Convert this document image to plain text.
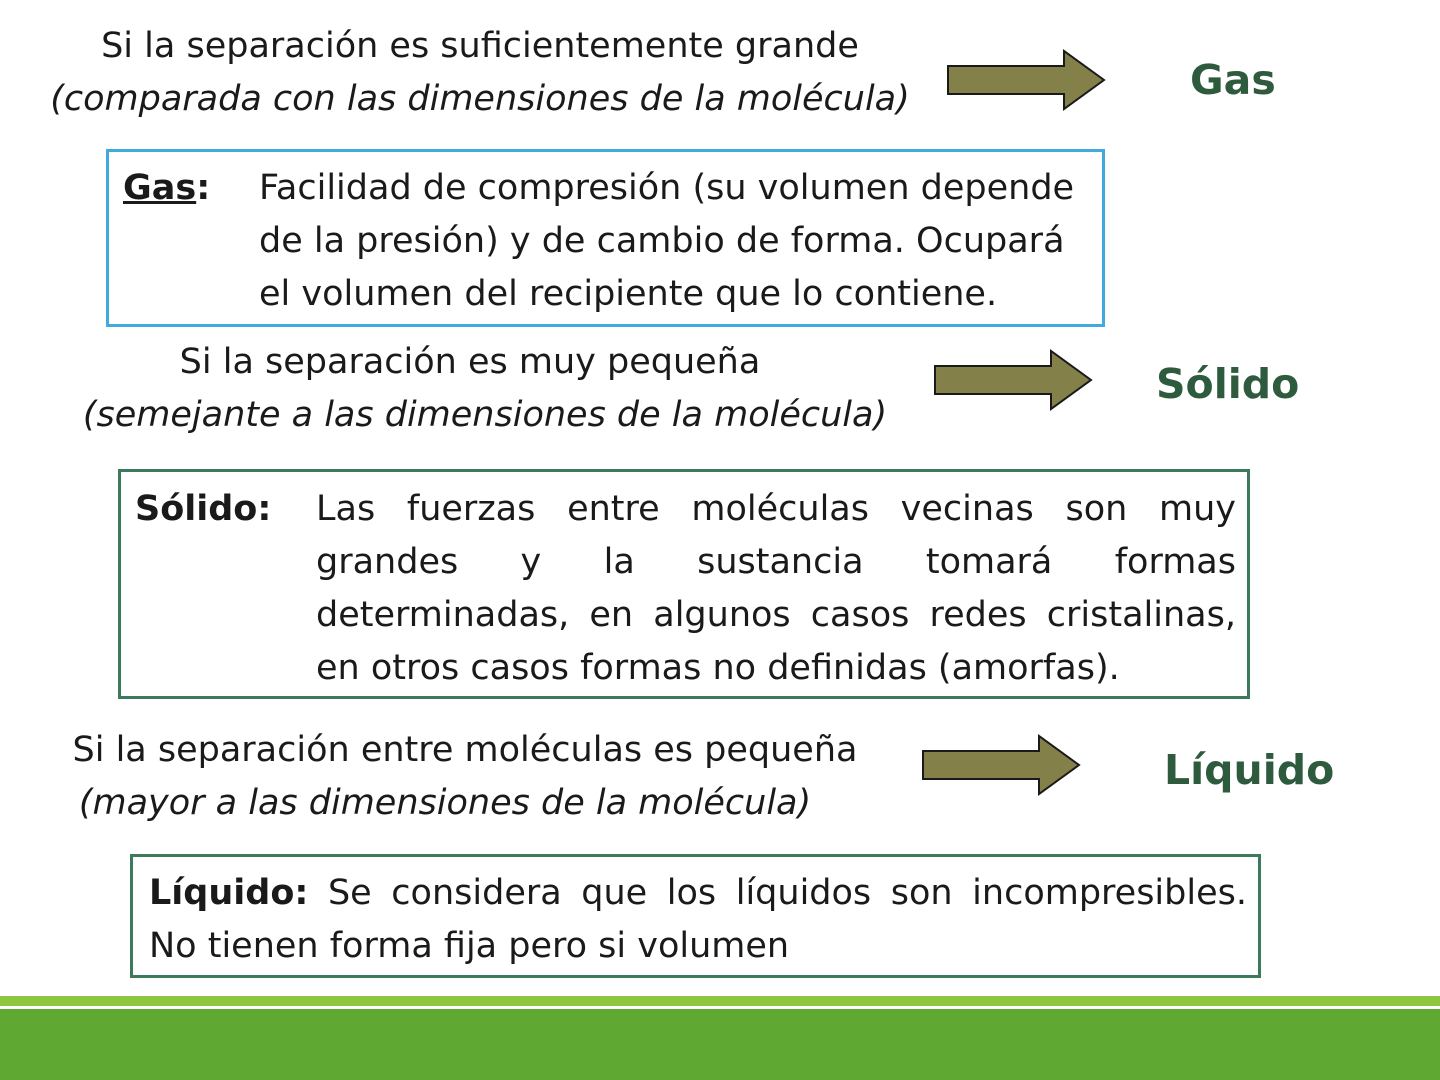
Si la separación es suficientemente grande
(comparada con las dimensiones de la molécula)	Gas
Gas: Facilidad de compresión (su volumen depende
de la presión) y de cambio de forma. Ocupará
el volumen del recipiente que lo contiene.
Si la separación es muy pequeña
(semejante a las dimensiones de la molécula)
Sólido
Sólido: Las fuerzas entre moléculas vecinas son muy
grandes y la sustancia tomará formas
determinadas, en algunos casos redes cristalinas,
en otros casos formas no definidas (amorfas).
Si la separación entre moléculas es pequeña
(mayor a las dimensiones de la molécula)
Líquido
Líquido: Se considera que los líquidos son incompresibles.
No tienen forma fija pero si volumen
